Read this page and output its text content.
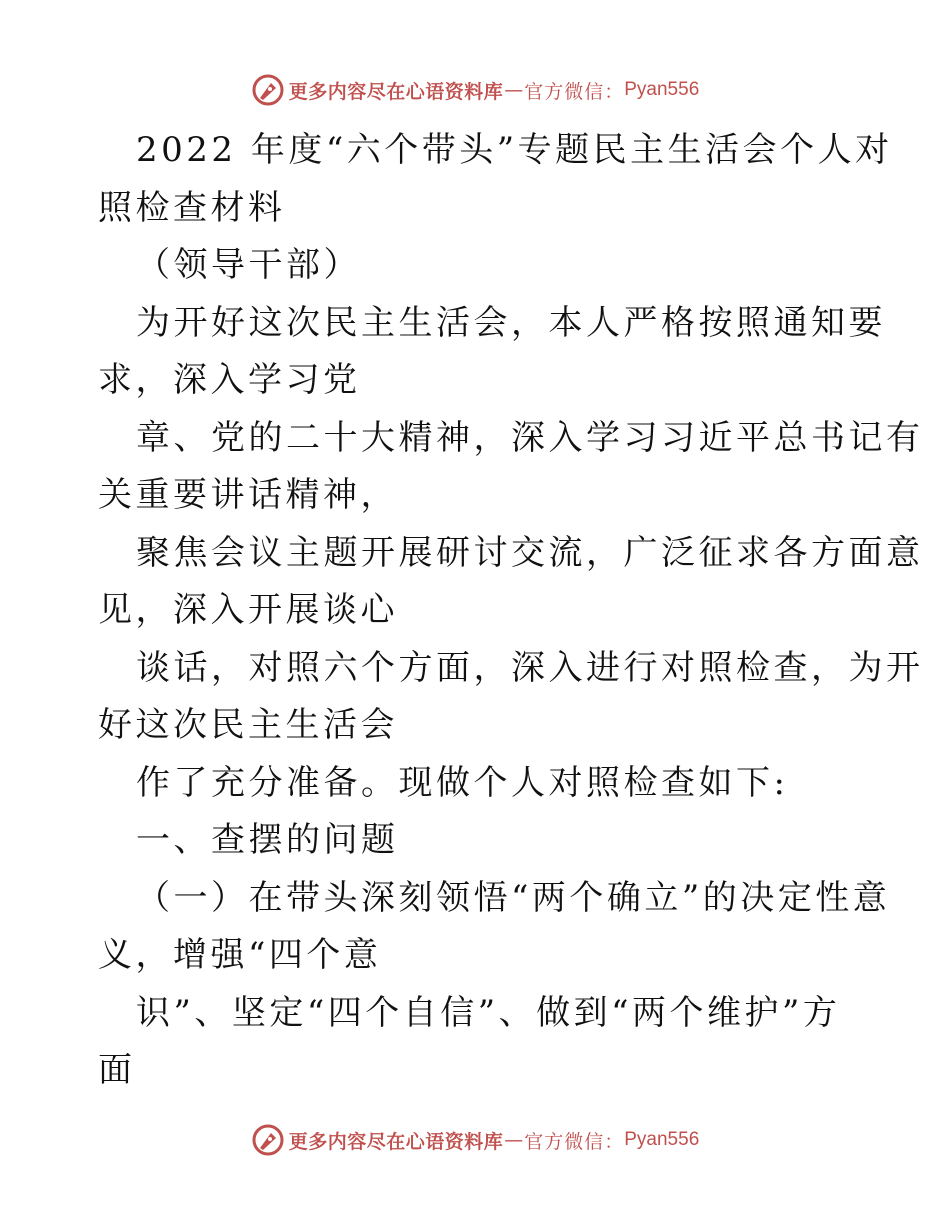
更多内容尽在心语资料库 — 官方微信： Pyan556
2022 年度“六个带头”专题民主生活会个人对
照检查材料
（领导干部）
为开好这次民主生活会，本人严格按照通知要
求，深入学习党
章、党的二十大精神，深入学习习近平总书记有
关重要讲话精神，
聚焦会议主题开展研讨交流，广泛征求各方面意
见，深入开展谈心
谈话，对照六个方面，深入进行对照检查，为开
好这次民主生活会
作了充分准备。现做个人对照检查如下:
一、查摆的问题
（一）在带头深刻领悟“两个确立”的决定性意
义，增强“四个意
识”、坚定“四个自信”、做到“两个维护”方
面
更多内容尽在心语资料库 — 官方微信： Pyan556
